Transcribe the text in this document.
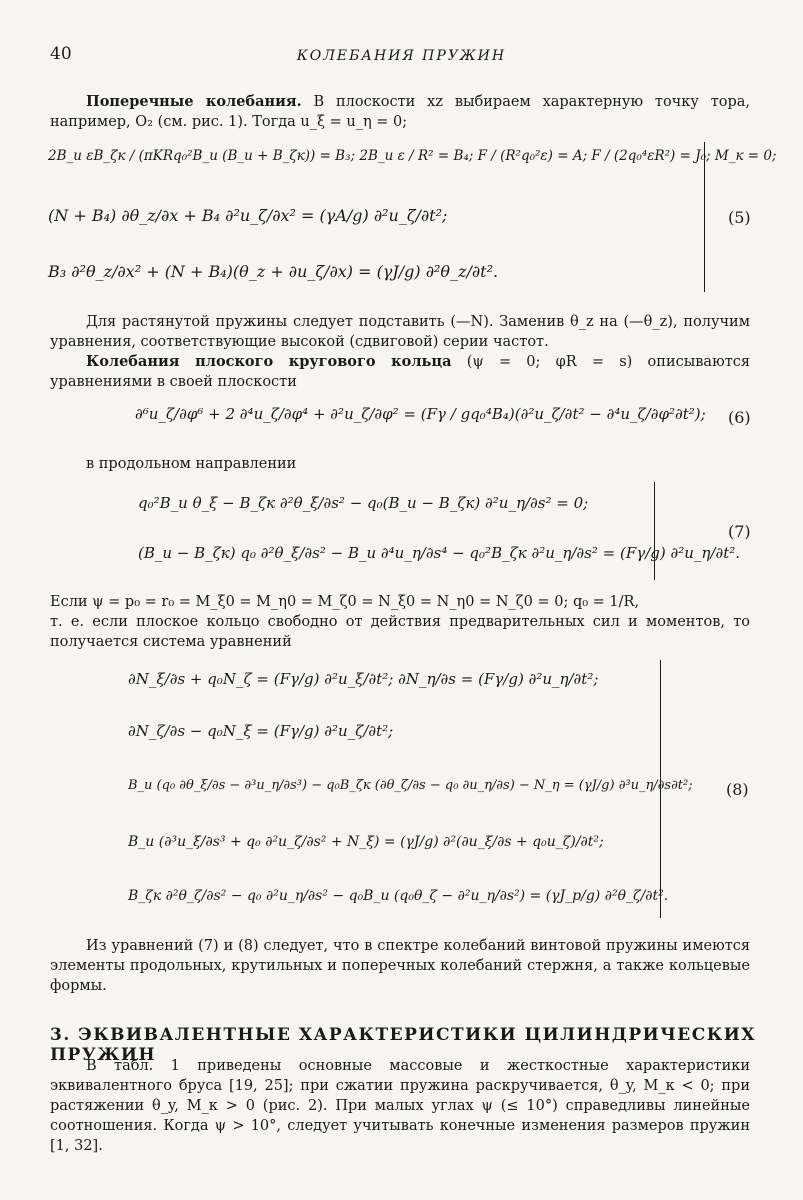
40	КОЛЕБАНИЯ ПРУЖИН
Поперечные колебания. В плоскости xz выбираем характерную точку тора, например, O₂ (см. рис. 1). Тогда u_ξ = u_η = 0;
2B_и εB_ζк / (πKRq₀²B_и (B_и + B_ζк)) = B₃; 2B_и ε / R² = B₄; F / (R²q₀²ε) = A; F / (2q₀⁴εR²) = J₀; M_к = 0;
(N + B₄) ∂θ_z/∂x + B₄ ∂²u_ζ/∂x² = (γA/g) ∂²u_ζ/∂t²;
B₃ ∂²θ_z/∂x² + (N + B₄)(θ_z + ∂u_ζ/∂x) = (γJ/g) ∂²θ_z/∂t².
(5)
Для растянутой пружины следует подставить (—N). Заменив θ_z на (—θ_z), получим уравнения, соответствующие высокой (сдвиговой) серии частот.
Колебания плоского кругового кольца (ψ = 0; φR = s) описываются уравнениями в своей плоскости
∂⁶u_ζ/∂φ⁶ + 2 ∂⁴u_ζ/∂φ⁴ + ∂²u_ζ/∂φ² = (Fγ / gq₀⁴B₄)(∂²u_ζ/∂t² − ∂⁴u_ζ/∂φ²∂t²); (6)
в продольном направлении
q₀²B_и θ_ξ − B_ζк ∂²θ_ξ/∂s² − q₀(B_и − B_ζк) ∂²u_η/∂s² = 0;
(B_и − B_ζк) q₀ ∂²θ_ξ/∂s² − B_и ∂⁴u_η/∂s⁴ − q₀²B_ζк ∂²u_η/∂s² = (Fγ/g) ∂²u_η/∂t².
(7)
Если ψ = p₀ = r₀ = M_ξ0 = M_η0 = M_ζ0 = N_ξ0 = N_η0 = N_ζ0 = 0; q₀ = 1/R,
т. е. если плоское кольцо свободно от действия предварительных сил и моментов, то получается система уравнений
∂N_ξ/∂s + q₀N_ζ = (Fγ/g) ∂²u_ξ/∂t²; ∂N_η/∂s = (Fγ/g) ∂²u_η/∂t²;
∂N_ζ/∂s − q₀N_ξ = (Fγ/g) ∂²u_ζ/∂t²;
B_и (q₀ ∂θ_ξ/∂s − ∂³u_η/∂s³) − q₀B_ζк (∂θ_ζ/∂s − q₀ ∂u_η/∂s) − N_η = (γJ/g) ∂³u_η/∂s∂t²;
B_и (∂³u_ξ/∂s³ + q₀ ∂²u_ζ/∂s² + N_ξ) = (γJ/g) ∂²(∂u_ξ/∂s + q₀u_ζ)/∂t²;
B_ζк ∂²θ_ζ/∂s² − q₀ ∂²u_η/∂s² − q₀B_и (q₀θ_ζ − ∂²u_η/∂s²) = (γJ_p/g) ∂²θ_ζ/∂t².
(8)
Из уравнений (7) и (8) следует, что в спектре колебаний винтовой пружины имеются элементы продольных, крутильных и поперечных колебаний стержня, а также кольцевые формы.
3. ЭКВИВАЛЕНТНЫЕ ХАРАКТЕРИСТИКИ ЦИЛИНДРИЧЕСКИХ ПРУЖИН
В табл. 1 приведены основные массовые и жесткостные характеристики эквивалентного бруса [19, 25]; при сжатии пружина раскручивается, θ_y, M_к < 0; при растяжении θ_y, M_к > 0 (рис. 2). При малых углах ψ (≤ 10°) справедливы линейные соотношения. Когда ψ > 10°, следует учитывать конечные изменения размеров пружин [1, 32].
